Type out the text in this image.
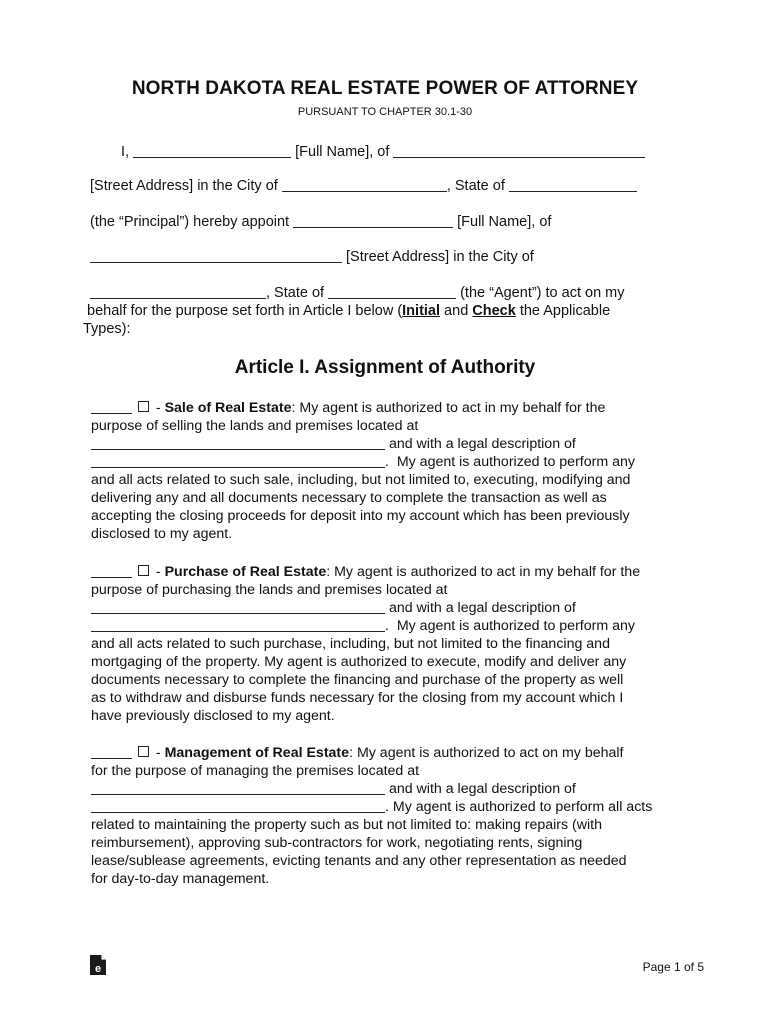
NORTH DAKOTA REAL ESTATE POWER OF ATTORNEY
PURSUANT TO CHAPTER 30.1-30
I,	[Full Name], of
[Street Address] in the City of	, State of
(the “Principal”) hereby appoint	[Full Name], of
[Street Address] in the City of
, State of	(the “Agent”) to act on my
behalf for the purpose set forth in Article I below (Initial and Check the Applicable
Types):
Article I. Assignment of Authority
- Sale of Real Estate: My agent is authorized to act in my behalf for the
purpose of selling the lands and premises located at
and with a legal description of
.  My agent is authorized to perform any
and all acts related to such sale, including, but not limited to, executing, modifying and
delivering any and all documents necessary to complete the transaction as well as
accepting the closing proceeds for deposit into my account which has been previously
disclosed to my agent.
- Purchase of Real Estate: My agent is authorized to act in my behalf for the
purpose of purchasing the lands and premises located at
and with a legal description of
.  My agent is authorized to perform any
and all acts related to such purchase, including, but not limited to the financing and
mortgaging of the property. My agent is authorized to execute, modify and deliver any
documents necessary to complete the financing and purchase of the property as well
as to withdraw and disburse funds necessary for the closing from my account which I
have previously disclosed to my agent.
- Management of Real Estate: My agent is authorized to act on my behalf
for the purpose of managing the premises located at
and with a legal description of
. My agent is authorized to perform all acts
related to maintaining the property such as but not limited to: making repairs (with
reimbursement), approving sub-contractors for work, negotiating rents, signing
lease/sublease agreements, evicting tenants and any other representation as needed
for day-to-day management.
e	Page 1 of 5
